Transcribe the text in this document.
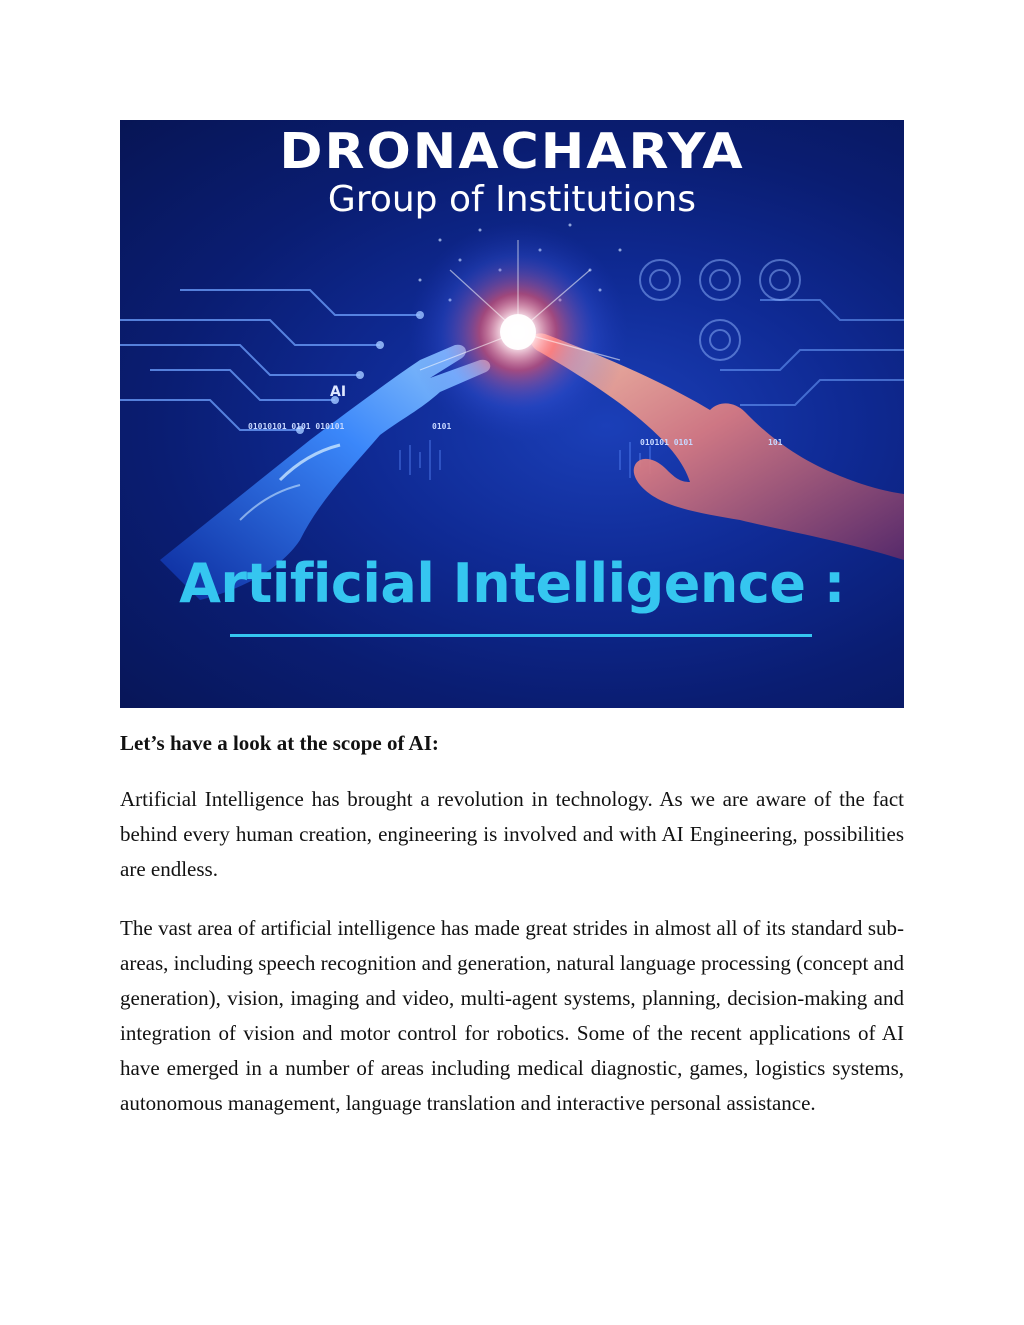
DRONACHARYA
Group of Institutions
AI
01010101 0101 010101	0101
010101 0101	101
Artificial Intelligence :
Let’s have a look at the scope of AI:

Artificial Intelligence has brought a revolution in technology. As we are aware of the fact behind every human creation, engineering is involved and with AI Engineering, possibilities are endless.

The vast area of artificial intelligence has made great strides in almost all of its standard sub-areas, including speech recognition and generation, natural language processing (concept and generation), vision, imaging and video, multi-agent systems, planning, decision-making and integration of vision and motor control for robotics. Some of the recent applications of AI have emerged in a number of areas including medical diagnostic, games, logistics systems, autonomous management, language translation and interactive personal assistance.
